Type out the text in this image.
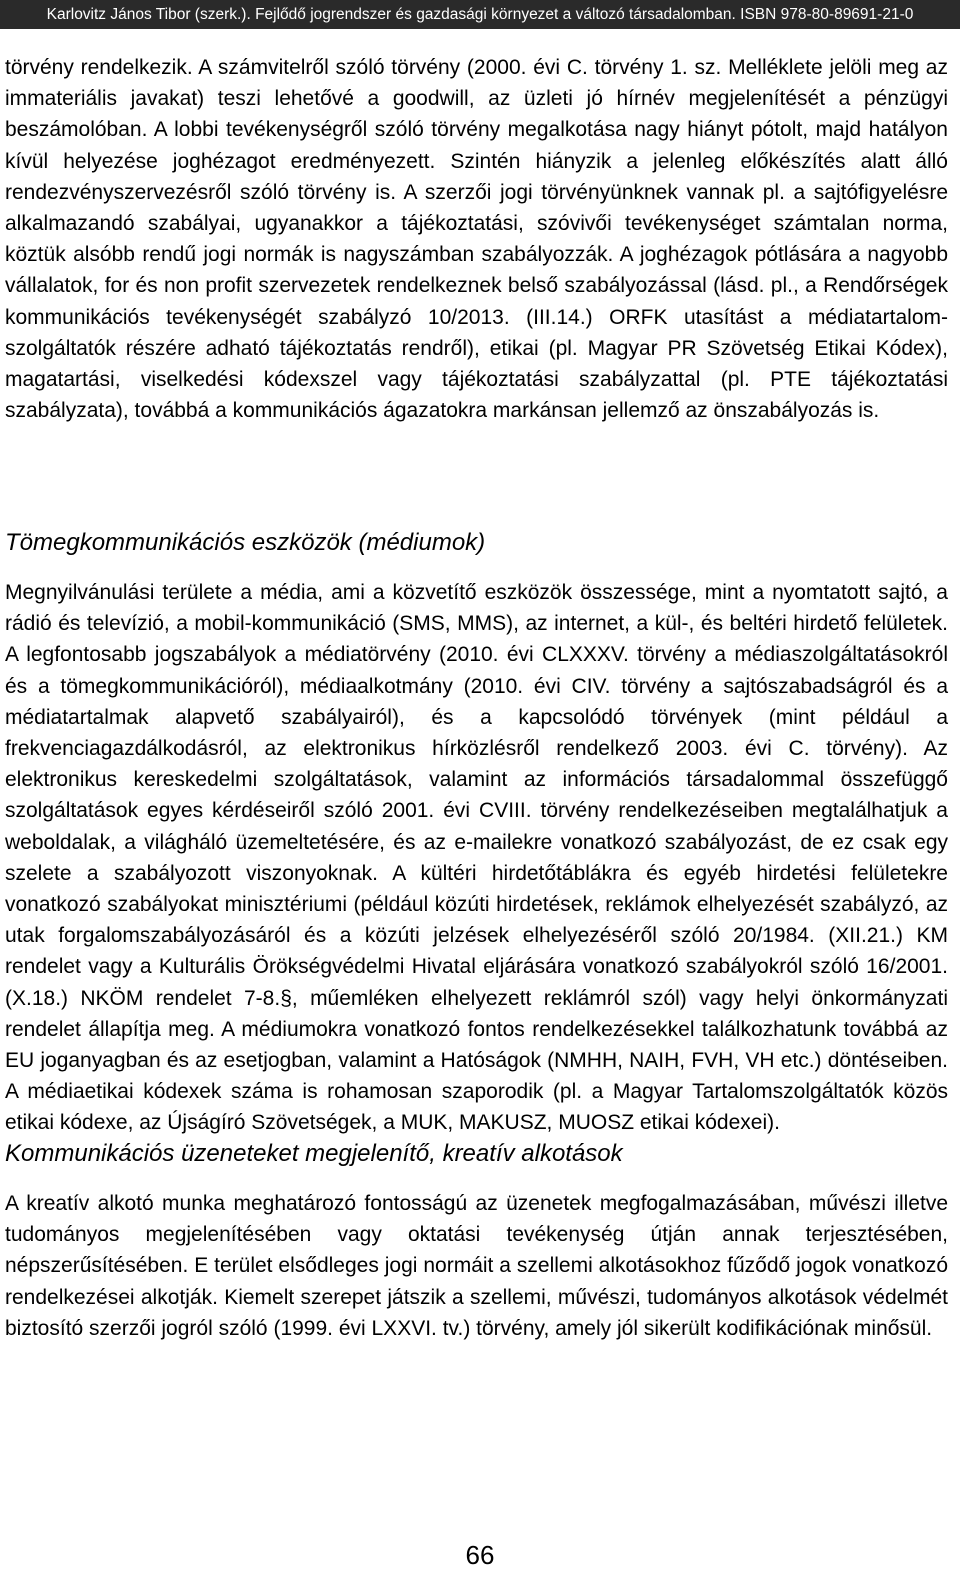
Karlovitz János Tibor (szerk.). Fejlődő jogrendszer és gazdasági környezet a változó társadalomban. ISBN 978-80-89691-21-0

törvény rendelkezik. A számvitelről szóló törvény (2000. évi C. törvény 1. sz. Melléklete jelöli meg az immateriális javakat) teszi lehetővé a goodwill, az üzleti jó hírnév megjelenítését a pénzügyi beszámolóban. A lobbi tevékenységről szóló törvény megalkotása nagy hiányt pótolt, majd hatályon kívül helyezése joghézagot eredményezett. Szintén hiányzik a jelenleg előkészítés alatt álló rendezvényszervezésről szóló törvény is. A szerzői jogi törvényünknek vannak pl. a sajtófigyelésre alkalmazandó szabályai, ugyanakkor a tájékoztatási, szóvivői tevékenységet számtalan norma, köztük alsóbb rendű jogi normák is nagyszámban szabályozzák. A joghézagok pótlására a nagyobb vállalatok, for és non profit szervezetek rendelkeznek belső szabályozással (lásd. pl., a Rendőrségek kommunikációs tevékenységét szabályzó 10/2013. (III.14.) ORFK utasítást a médiatartalom-szolgáltatók részére adható tájékoztatás rendről), etikai (pl. Magyar PR Szövetség Etikai Kódex), magatartási, viselkedési kódexszel vagy tájékoztatási szabályzattal (pl. PTE tájékoztatási szabályzata), továbbá a kommunikációs ágazatokra markánsan jellemző az önszabályozás is.

Tömegkommunikációs eszközök (médiumok)

Megnyilvánulási területe a média, ami a közvetítő eszközök összessége, mint a nyomtatott sajtó, a rádió és televízió, a mobil-kommunikáció (SMS, MMS), az internet, a kül-, és beltéri hirdető felületek. A legfontosabb jogszabályok a médiatörvény (2010. évi CLXXXV. törvény a médiaszolgáltatásokról és a tömegkommunikációról), médiaalkotmány (2010. évi CIV. törvény a sajtószabadságról és a médiatartalmak alapvető szabályairól), és a kapcsolódó törvények (mint például a frekvenciagazdálkodásról, az elektronikus hírközlésről rendelkező 2003. évi C. törvény). Az elektronikus kereskedelmi szolgáltatások, valamint az információs társadalommal összefüggő szolgáltatások egyes kérdéseiről szóló 2001. évi CVIII. törvény rendelkezéseiben megtalálhatjuk a weboldalak, a világháló üzemeltetésére, és az e-mailekre vonatkozó szabályozást, de ez csak egy szelete a szabályozott viszonyoknak. A kültéri hirdetőtáblákra és egyéb hirdetési felületekre vonatkozó szabályokat minisztériumi (például közúti hirdetések, reklámok elhelyezését szabályzó, az utak forgalomszabályozásáról és a közúti jelzések elhelyezéséről szóló 20/1984. (XII.21.) KM rendelet vagy a Kulturális Örökségvédelmi Hivatal eljárására vonatkozó szabályokról szóló 16/2001. (X.18.) NKÖM rendelet 7-8.§, műemléken elhelyezett reklámról szól) vagy helyi önkormányzati rendelet állapítja meg. A médiumokra vonatkozó fontos rendelkezésekkel találkozhatunk továbbá az EU joganyagban és az esetjogban, valamint a Hatóságok (NMHH, NAIH, FVH, VH etc.) döntéseiben. A médiaetikai kódexek száma is rohamosan szaporodik (pl. a Magyar Tartalomszolgáltatók közös etikai kódexe, az Újságíró Szövetségek, a MUK, MAKUSZ, MUOSZ etikai kódexei).

Kommunikációs üzeneteket megjelenítő, kreatív alkotások

A kreatív alkotó munka meghatározó fontosságú az üzenetek megfogalmazásában, művészi illetve tudományos megjelenítésében vagy oktatási tevékenység útján annak terjesztésében, népszerűsítésében. E terület elsődleges jogi normáit a szellemi alkotásokhoz fűződő jogok vonatkozó rendelkezései alkotják. Kiemelt szerepet játszik a szellemi, művészi, tudományos alkotások védelmét biztosító szerzői jogról szóló (1999. évi LXXVI. tv.) törvény, amely jól sikerült kodifikációnak minősül.

66
